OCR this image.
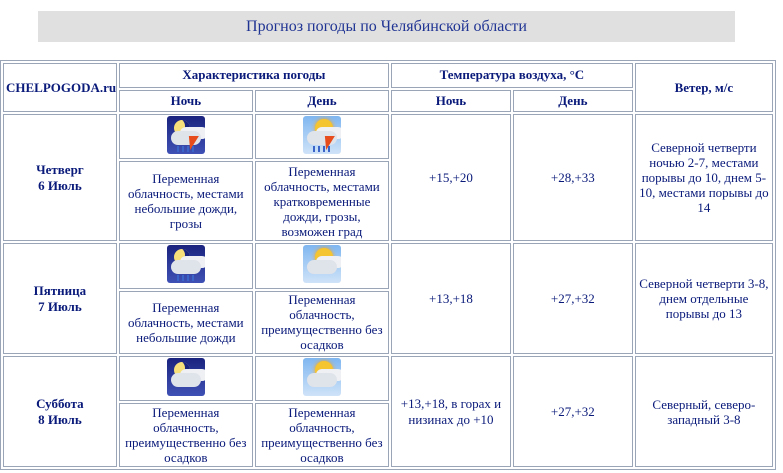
Прогноз погоды по Челябинской области
CHELPOGODA.ru	Характеристика погоды		Температура воздуха, °C		Ветер, м/с
	Ночь	День	Ночь	День	

Четверг
6 Июль			+15,+20	+28,+33	Северной четверти ночью 2-7, местами порывы до 10, днем 5-10, местами порывы до 14
	Переменная облачность, местами небольшие дожди, грозы	Переменная облачность, местами кратковременные дожди, грозы, возможен град			

Пятница
7 Июль			+13,+18	+27,+32	Северной четверти 3-8, днем отдельные порывы до 13
	Переменная облачность, местами небольшие дожди	Переменная облачность, преимущественно без осадков			

Суббота
8 Июль			+13,+18, в горах и низинах до +10	+27,+32	Северный, северо-западный 3-8
	Переменная облачность, преимущественно без осадков	Переменная облачность, преимущественно без осадков			
